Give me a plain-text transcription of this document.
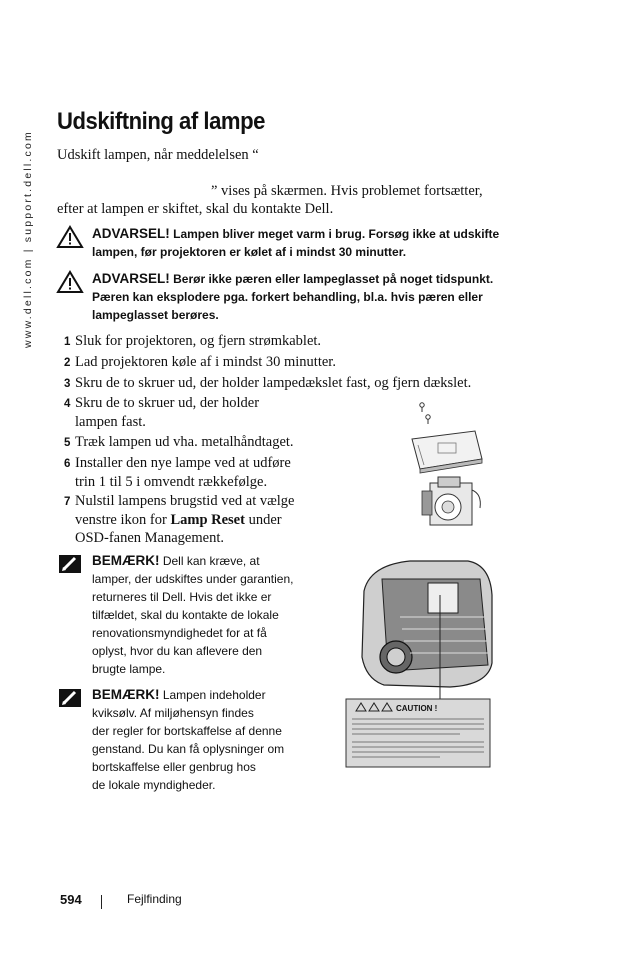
www.dell.com | support.dell.com
Udskiftning af lampe
Udskift lampen, når meddelelsen “
” vises på skærmen. Hvis problemet fortsætter,
efter at lampen er skiftet, skal du kontakte Dell.
ADVARSEL! Lampen bliver meget varm i brug. Forsøg ikke at udskifte
lampen, før projektoren er kølet af i mindst 30 minutter.
ADVARSEL! Berør ikke pæren eller lampeglasset på noget tidspunkt.
Pæren kan eksplodere pga. forkert behandling, bl.a. hvis pæren eller
lampeglasset berøres.
1 Sluk for projektoren, og fjern strømkablet.
2 Lad projektoren køle af i mindst 30 minutter.
3 Skru de to skruer ud, der holder lampedækslet fast, og fjern dækslet.
4 Skru de to skruer ud, der holder
lampen fast.
5 Træk lampen ud vha. metalhåndtaget.
6 Installer den nye lampe ved at udføre
trin 1 til 5 i omvendt rækkefølge.
7 Nulstil lampens brugstid ved at vælge
venstre ikon for Lamp Reset under
OSD-fanen Management.
BEMÆRK! Dell kan kræve, at
lamper, der udskiftes under garantien,
returneres til Dell. Hvis det ikke er
tilfældet, skal du kontakte de lokale
renovationsmyndighedet for at få
oplyst, hvor du kan aflevere den
brugte lampe.
BEMÆRK! Lampen indeholder
kviksølv. Af miljøhensyn findes
der regler for bortskaffelse af denne
genstand. Du kan få oplysninger om
bortskaffelse eller genbrug hos
de lokale myndigheder.
CAUTION !
594	Fejlfinding
